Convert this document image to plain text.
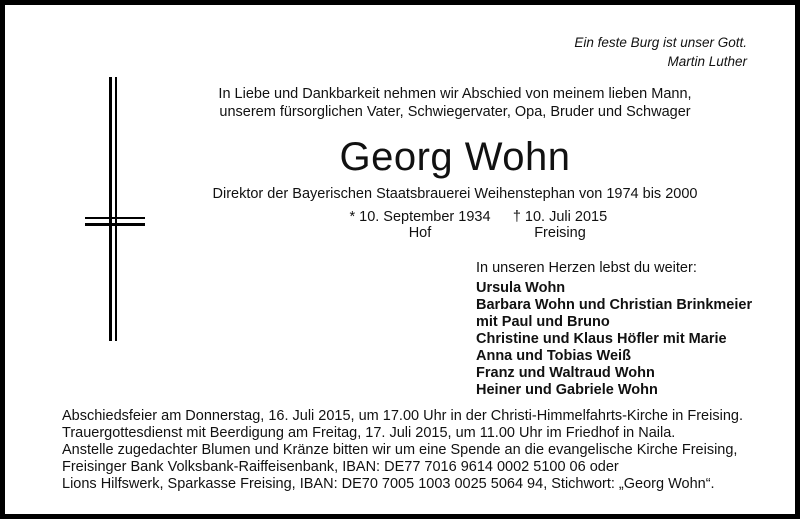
Ein feste Burg ist unser Gott.
Martin Luther
In Liebe und Dankbarkeit nehmen wir Abschied von meinem lieben Mann,
unserem fürsorglichen Vater, Schwiegervater, Opa, Bruder und Schwager
Georg Wohn
Direktor der Bayerischen Staatsbrauerei Weihenstephan von 1974 bis 2000
* 10. September 1934
Hof
† 10. Juli 2015
Freising
In unseren Herzen lebst du weiter:
Ursula Wohn
Barbara Wohn und Christian Brinkmeier
mit Paul und Bruno
Christine und Klaus Höfler mit Marie
Anna und Tobias Weiß
Franz und Waltraud Wohn
Heiner und Gabriele Wohn
Abschiedsfeier am Donnerstag, 16. Juli 2015, um 17.00 Uhr in der Christi-Himmelfahrts-Kirche in Freising.
Trauergottesdienst mit Beerdigung am Freitag, 17. Juli 2015, um 11.00 Uhr im Friedhof in Naila.
Anstelle zugedachter Blumen und Kränze bitten wir um eine Spende an die evangelische Kirche Freising,
Freisinger Bank Volksbank-Raiffeisenbank, IBAN: DE77 7016 9614 0002 5100 06 oder
Lions Hilfswerk, Sparkasse Freising, IBAN: DE70 7005 1003 0025 5064 94, Stichwort: „Georg Wohn“.
